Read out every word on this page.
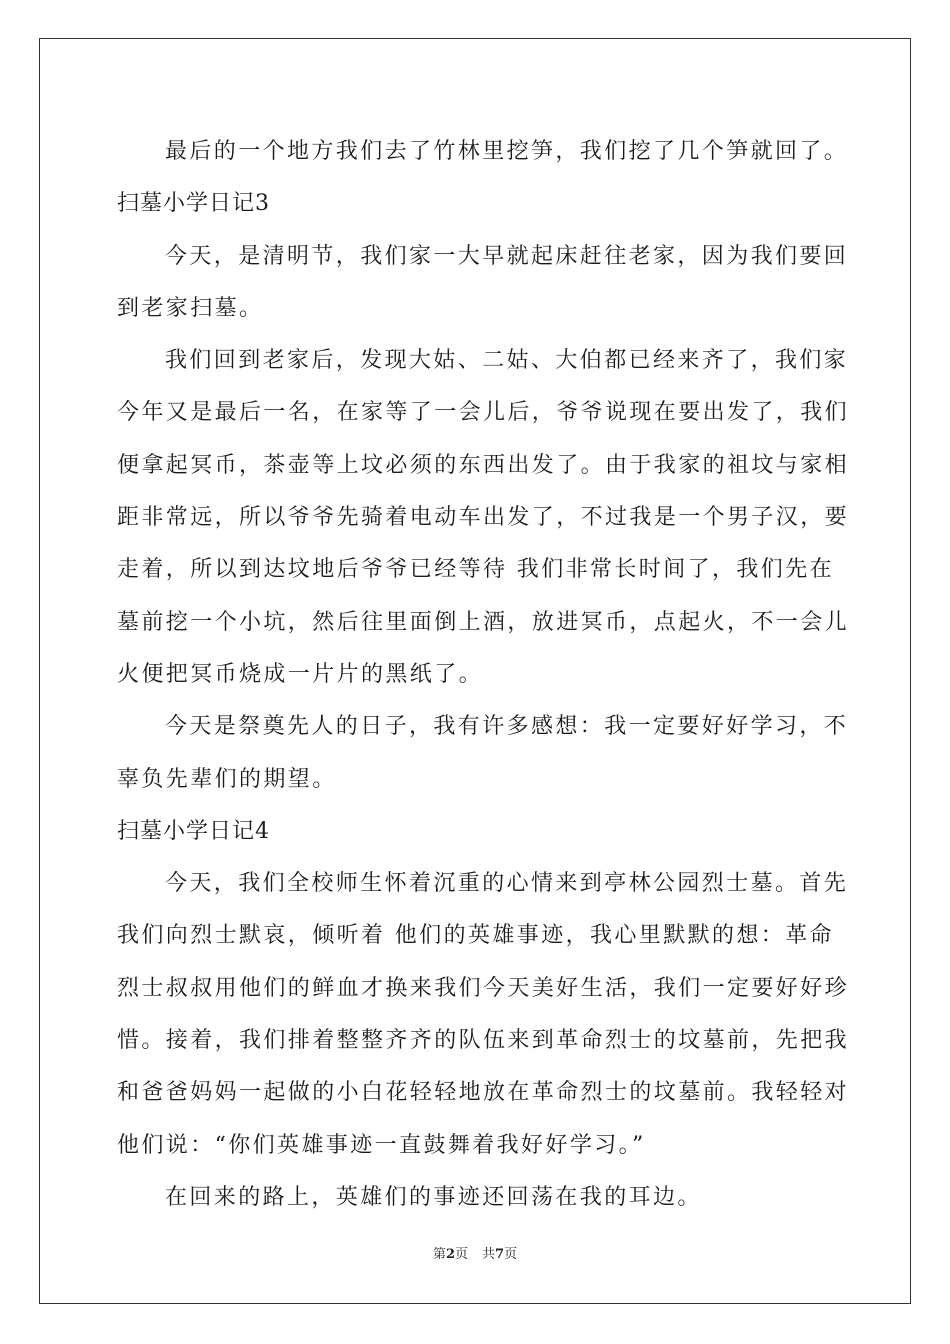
最后的一个地方我们去了竹林里挖笋，我们挖了几个笋就回了。
扫墓小学日记3
今天，是清明节，我们家一大早就起床赶往老家，因为我们要回
到老家扫墓。
我们回到老家后，发现大姑、二姑、大伯都已经来齐了，我们家
今年又是最后一名，在家等了一会儿后，爷爷说现在要出发了，我们
便拿起冥币，茶壶等上坟必须的东西出发了。由于我家的祖坟与家相
距非常远，所以爷爷先骑着电动车出发了，不过我是一个男子汉，要
走着，所以到达坟地后爷爷已经等待 我们非常长时间了，我们先在
墓前挖一个小坑，然后往里面倒上酒，放进冥币，点起火，不一会儿
火便把冥币烧成一片片的黑纸了。
今天是祭奠先人的日子，我有许多感想：我一定要好好学习，不
辜负先辈们的期望。
扫墓小学日记4
今天，我们全校师生怀着沉重的心情来到亭林公园烈士墓。首先
我们向烈士默哀，倾听着 他们的英雄事迹，我心里默默的想：革命
烈士叔叔用他们的鲜血才换来我们今天美好生活，我们一定要好好珍
惜。接着，我们排着整整齐齐的队伍来到革命烈士的坟墓前，先把我
和爸爸妈妈一起做的小白花轻轻地放在革命烈士的坟墓前。我轻轻对
他们说：“你们英雄事迹一直鼓舞着我好好学习。”
在回来的路上，英雄们的事迹还回荡在我的耳边。
第2页 共7页
